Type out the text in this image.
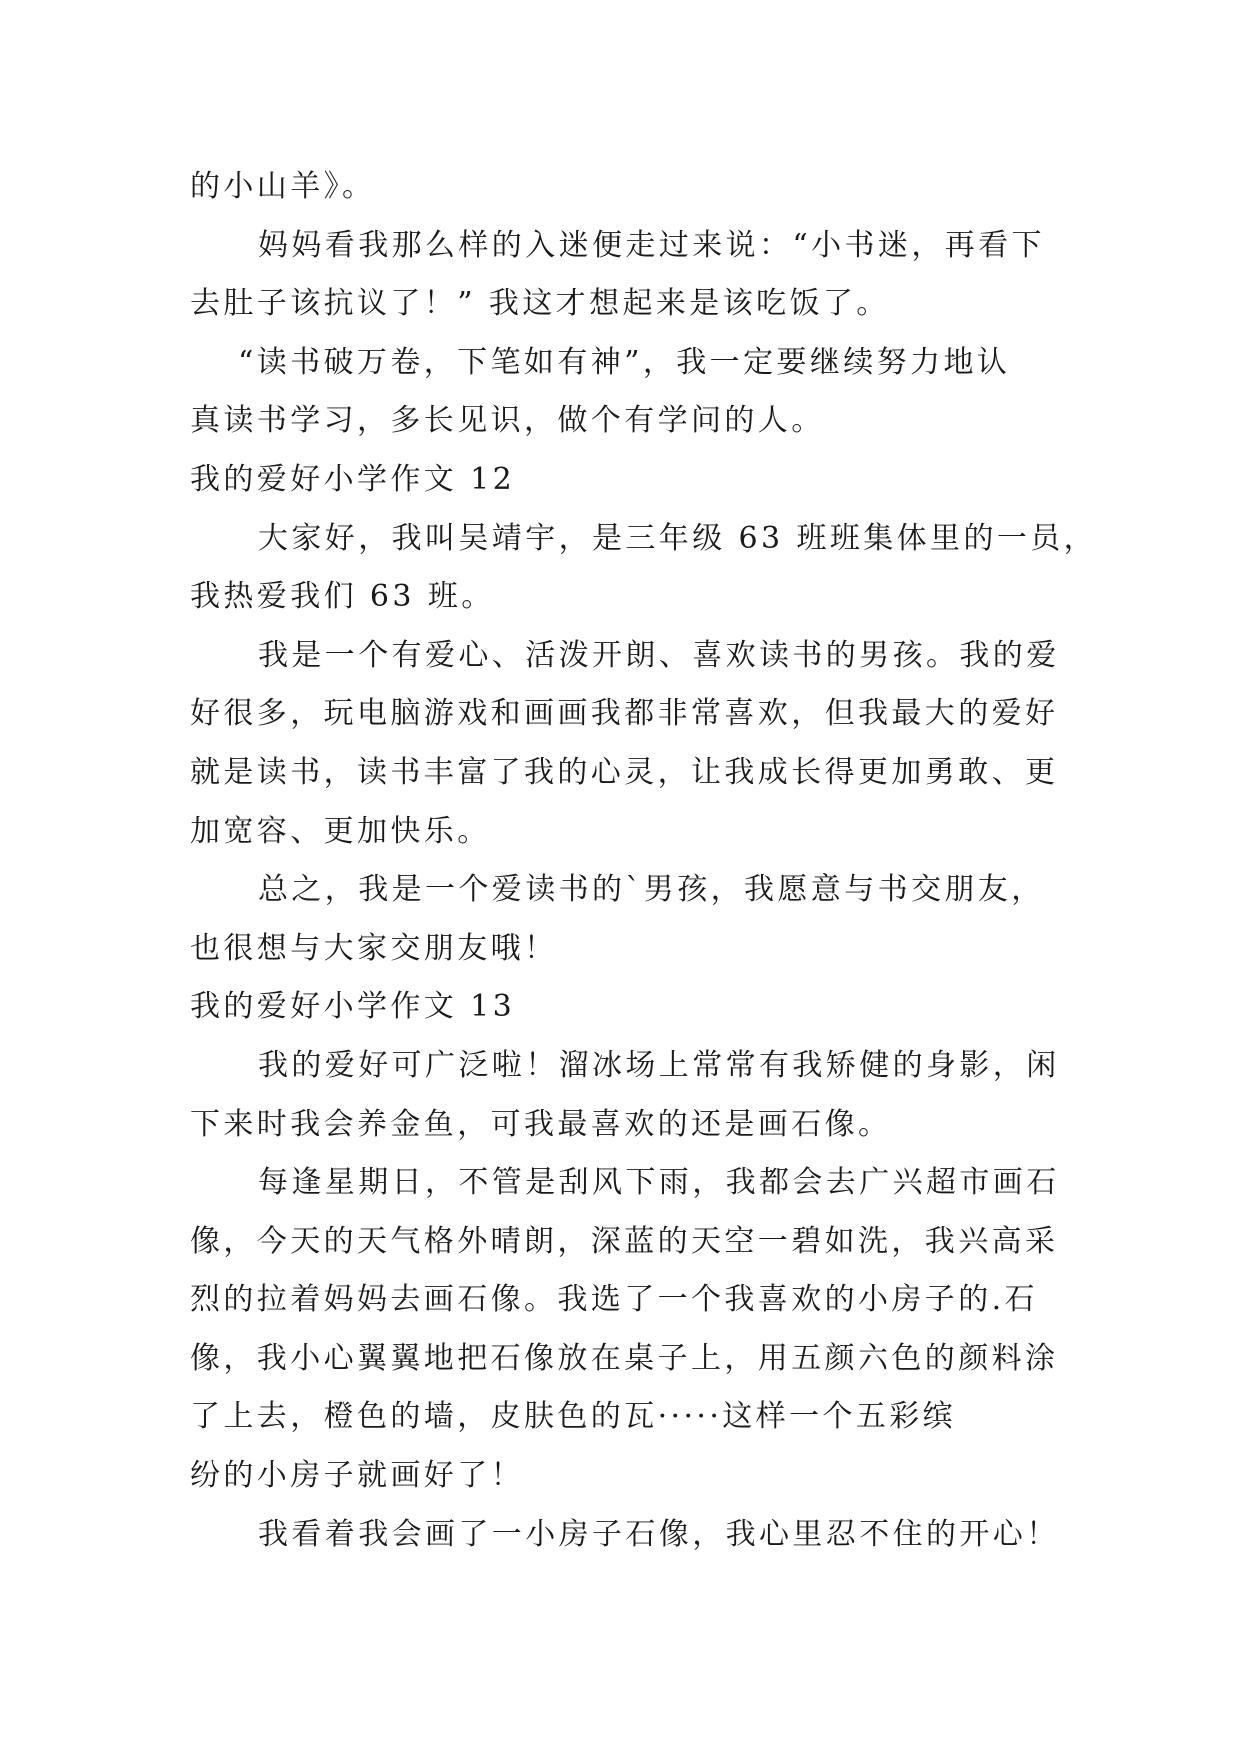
的小山羊》。
妈妈看我那么样的入迷便走过来说：“小书迷，再看下
去肚子该抗议了！” 我这才想起来是该吃饭了。
“读书破万卷，下笔如有神”，我一定要继续努力地认
真读书学习，多长见识，做个有学问的人。
我的爱好小学作文 12
大家好，我叫吴靖宇，是三年级 63 班班集体里的一员，
我热爱我们 63 班。
我是一个有爱心、活泼开朗、喜欢读书的男孩。我的爱
好很多，玩电脑游戏和画画我都非常喜欢，但我最大的爱好
就是读书，读书丰富了我的心灵，让我成长得更加勇敢、更
加宽容、更加快乐。
总之，我是一个爱读书的`男孩，我愿意与书交朋友，
也很想与大家交朋友哦！
我的爱好小学作文 13
我的爱好可广泛啦！溜冰场上常常有我矫健的身影，闲
下来时我会养金鱼，可我最喜欢的还是画石像。
每逢星期日，不管是刮风下雨，我都会去广兴超市画石
像，今天的天气格外晴朗，深蓝的天空一碧如洗，我兴高采
烈的拉着妈妈去画石像。我选了一个我喜欢的小房子的.石
像，我小心翼翼地把石像放在桌子上，用五颜六色的颜料涂
了上去，橙色的墙，皮肤色的瓦·····这样一个五彩缤
纷的小房子就画好了！
我看着我会画了一小房子石像，我心里忍不住的开心！
